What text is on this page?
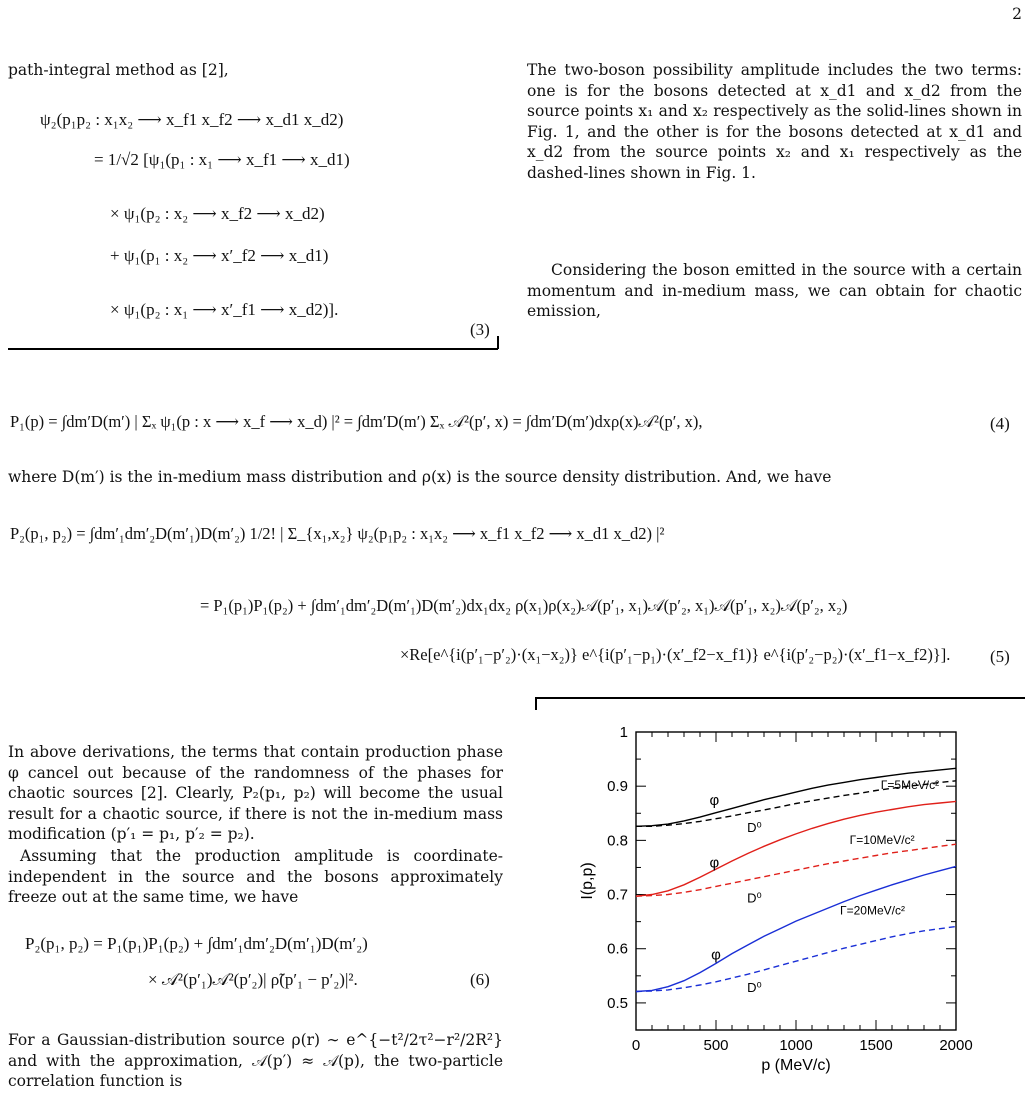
2
path-integral method as [2],
ψ₂(p₁p₂ : x₁x₂ ⟶ x_f1 x_f2 ⟶ x_d1 x_d2)
= 1/√2 [ψ₁(p₁ : x₁ ⟶ x_f1 ⟶ x_d1)
× ψ₁(p₂ : x₂ ⟶ x_f2 ⟶ x_d2)
+ ψ₁(p₁ : x₂ ⟶ x′_f2 ⟶ x_d1)
× ψ₁(p₂ : x₁ ⟶ x′_f1 ⟶ x_d2)].
(3)
The two-boson possibility amplitude includes the two terms: one is for the bosons detected at x_d1 and x_d2 from the source points x₁ and x₂ respectively as the solid-lines shown in Fig. 1, and the other is for the bosons detected at x_d1 and x_d2 from the source points x₂ and x₁ respectively as the dashed-lines shown in Fig. 1.
Considering the boson emitted in the source with a certain momentum and in-medium mass, we can obtain for chaotic emission,
P₁(p) = ∫dm′D(m′) | Σₓ ψ₁(p : x ⟶ x_f ⟶ x_d) |² = ∫dm′D(m′) Σₓ 𝒜²(p′, x) = ∫dm′D(m′)dxρ(x)𝒜²(p′, x),	(4)
where D(m′) is the in-medium mass distribution and ρ(x) is the source density distribution. And, we have
P₂(p₁, p₂) = ∫dm′₁dm′₂D(m′₁)D(m′₂) 1/2! | Σ_{x₁,x₂} ψ₂(p₁p₂ : x₁x₂ ⟶ x_f1 x_f2 ⟶ x_d1 x_d2) |²
= P₁(p₁)P₁(p₂) + ∫dm′₁dm′₂D(m′₁)D(m′₂)dx₁dx₂ ρ(x₁)ρ(x₂)𝒜(p′₁, x₁)𝒜(p′₂, x₁)𝒜(p′₁, x₂)𝒜(p′₂, x₂)
×Re[e^{i(p′₁−p′₂)·(x₁−x₂)} e^{i(p′₁−p₁)·(x′_f2−x_f1)} e^{i(p′₂−p₂)·(x′_f1−x_f2)}]. (5)
In above derivations, the terms that contain production phase φ cancel out because of the randomness of the phases for chaotic sources [2]. Clearly, P₂(p₁, p₂) will become the usual result for a chaotic source, if there is not the in-medium mass modification (p′₁ = p₁, p′₂ = p₂).
Assuming that the production amplitude is coordinate-independent in the source and the bosons approximately freeze out at the same time, we have
P₂(p₁, p₂) = P₁(p₁)P₁(p₂) + ∫dm′₁dm′₂D(m′₁)D(m′₂)
× 𝒜²(p′₁)𝒜²(p′₂)| ρ̃(p′₁ − p′₂)|².	(6)
For a Gaussian-distribution source ρ(r) ∼ e^{−t²/2τ²−r²/2R²} and with the approximation, 𝒜(p′) ≈ 𝒜(p), the two-particle correlation function is
0	500	1000	1500	2000
0.5
0.6
0.7
0.8
0.9
1
p (MeV/c)
I(p,p)
Γ=5MeV/c²
Γ=10MeV/c²
Γ=20MeV/c²
φ
D⁰
φ
D⁰
φ
D⁰
